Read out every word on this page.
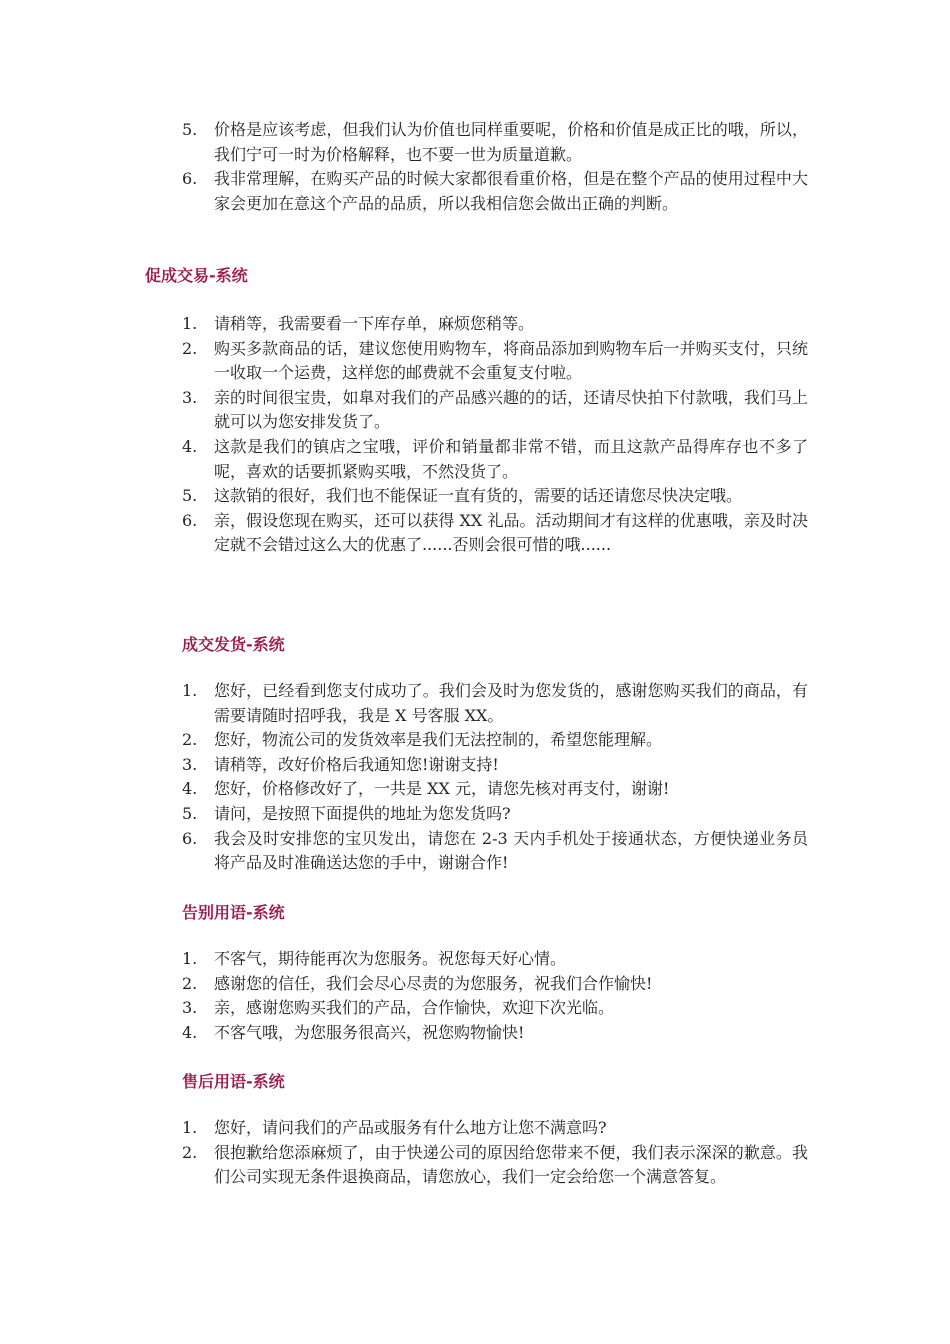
5.	价格是应该考虑，但我们认为价值也同样重要呢，价格和价值是成正比的哦，所以，我们宁可一时为价格解释，也不要一世为质量道歉。
6.	我非常理解，在购买产品的时候大家都很看重价格，但是在整个产品的使用过程中大家会更加在意这个产品的品质，所以我相信您会做出正确的判断。
促成交易-系统
1.	请稍等，我需要看一下库存单，麻烦您稍等。
2.	购买多款商品的话，建议您使用购物车，将商品添加到购物车后一并购买支付，只统一收取一个运费，这样您的邮费就不会重复支付啦。
3.	亲的时间很宝贵，如臯对我们的产品感兴趣的的话，还请尽快拍下付款哦，我们马上就可以为您安排发货了。
4.	这款是我们的镇店之宝哦，评价和销量都非常不错，而且这款产品得库存也不多了呢，喜欢的话要抓紧购买哦，不然没货了。
5.	这款销的很好，我们也不能保证一直有货的，需要的话还请您尽快决定哦。
6.	亲，假设您现在购买，还可以获得 XX 礼品。活动期间才有这样的优惠哦，亲及时决定就不会错过这么大的优惠了......否则会很可惜的哦......
成交发货-系统
1.	您好，已经看到您支付成功了。我们会及时为您发货的，感谢您购买我们的商品，有需要请随时招呼我，我是 X 号客服 XX。
2.	您好，物流公司的发货效率是我们无法控制的，希望您能理解。
3.	请稍等，改好价格后我通知您!谢谢支持!
4.	您好，价格修改好了，一共是 XX 元，请您先核对再支付，谢谢!
5.	请问，是按照下面提供的地址为您发货吗?
6.	我会及时安排您的宝贝发出，请您在 2-3 天内手机处于接通状态，方便快递业务员将产品及时准确送达您的手中，谢谢合作!
告别用语-系统
1.	不客气，期待能再次为您服务。祝您每天好心情。
2.	感谢您的信任，我们会尽心尽责的为您服务，祝我们合作愉快!
3.	亲，感谢您购买我们的产品，合作愉快，欢迎下次光临。
4.	不客气哦，为您服务很高兴，祝您购物愉快!
售后用语-系统
1.	您好，请问我们的产品或服务有什么地方让您不满意吗?
2.	很抱歉给您添麻烦了，由于快递公司的原因给您带来不便，我们表示深深的歉意。我们公司实现无条件退换商品，请您放心，我们一定会给您一个满意答复。
